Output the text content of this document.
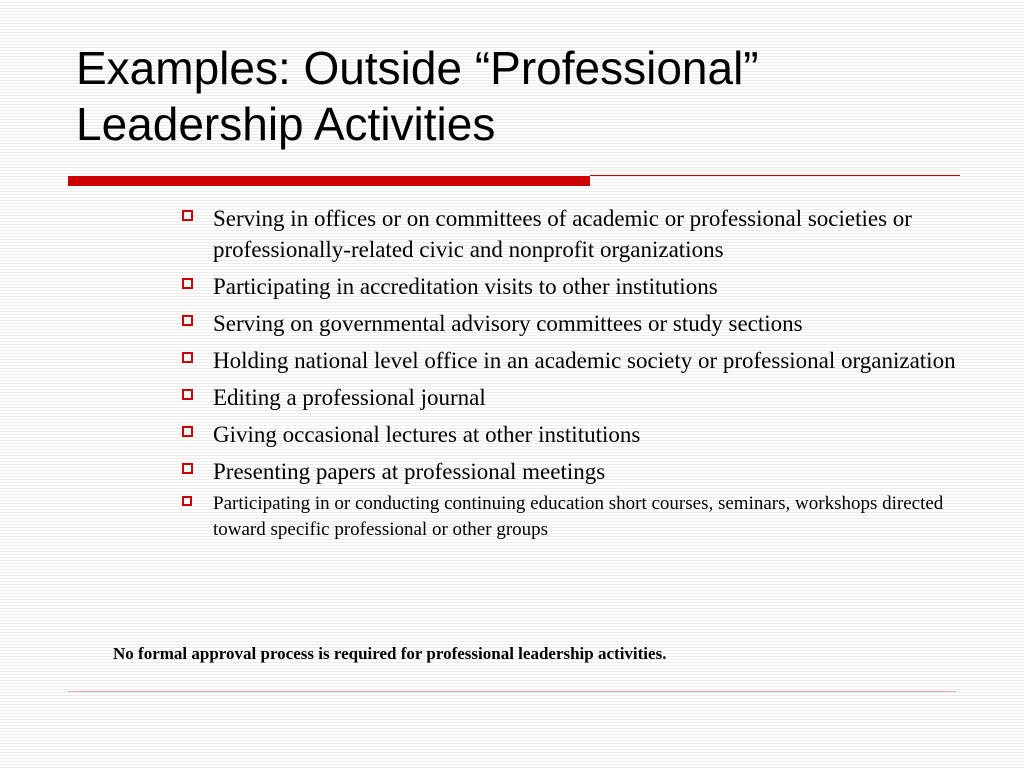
Examples: Outside “Professional”
Leadership Activities
Serving in offices or on committees of academic or professional societies or professionally-related civic and nonprofit organizations
Participating in accreditation visits to other institutions
Serving on governmental advisory committees or study sections
Holding national level office in an academic society or professional organization
Editing a professional journal
Giving occasional lectures at other institutions
Presenting papers at professional meetings
Participating in or conducting continuing education short courses, seminars, workshops directed toward specific professional or other groups

No formal approval process is required for professional leadership activities.
